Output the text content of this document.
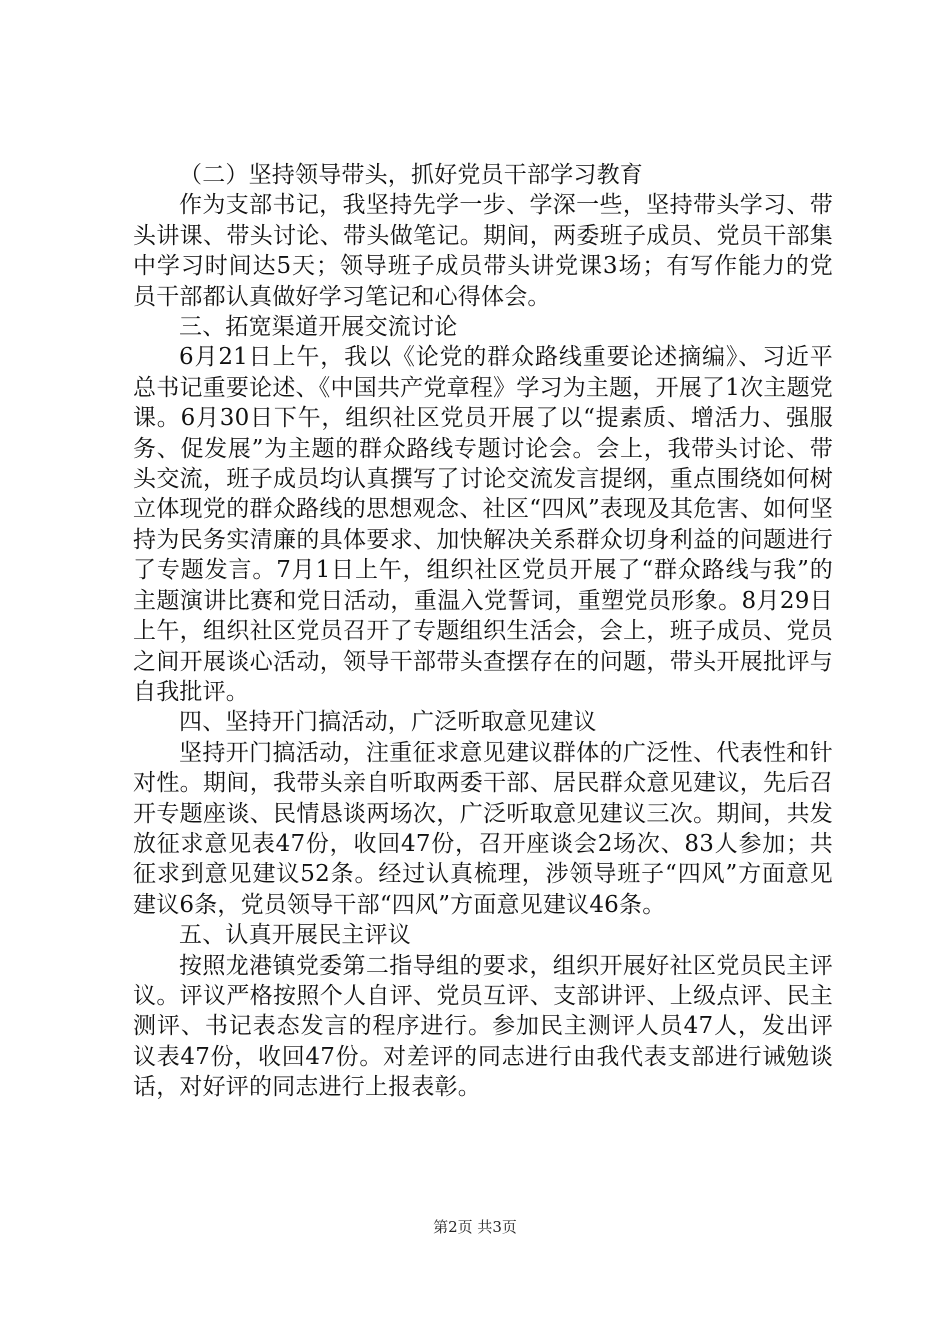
（二）坚持领导带头，抓好党员干部学习教育

作为支部书记，我坚持先学一步、学深一些，坚持带头学习、带头讲课、带头讨论、带头做笔记。期间，两委班子成员、党员干部集中学习时间达5天；领导班子成员带头讲党课3场；有写作能力的党员干部都认真做好学习笔记和心得体会。

三、拓宽渠道开展交流讨论

6月21日上午，我以《论党的群众路线重要论述摘编》、习近平总书记重要论述、《中国共产党章程》学习为主题，开展了1次主题党课。6月30日下午，组织社区党员开展了以“提素质、增活力、强服务、促发展”为主题的群众路线专题讨论会。会上，我带头讨论、带头交流，班子成员均认真撰写了讨论交流发言提纲，重点围绕如何树立体现党的群众路线的思想观念、社区“四风”表现及其危害、如何坚持为民务实清廉的具体要求、加快解决关系群众切身利益的问题进行了专题发言。7月1日上午，组织社区党员开展了“群众路线与我”的主题演讲比赛和党日活动，重温入党誓词，重塑党员形象。8月29日上午，组织社区党员召开了专题组织生活会，会上，班子成员、党员之间开展谈心活动，领导干部带头查摆存在的问题，带头开展批评与自我批评。

四、坚持开门搞活动，广泛听取意见建议

坚持开门搞活动，注重征求意见建议群体的广泛性、代表性和针对性。期间，我带头亲自听取两委干部、居民群众意见建议，先后召开专题座谈、民情恳谈两场次，广泛听取意见建议三次。期间，共发放征求意见表47份，收回47份，召开座谈会2场次、83人参加；共征求到意见建议52条。经过认真梳理，涉领导班子“四风”方面意见建议6条，党员领导干部“四风”方面意见建议46条。

五、认真开展民主评议

按照龙港镇党委第二指导组的要求，组织开展好社区党员民主评议。评议严格按照个人自评、党员互评、支部讲评、上级点评、民主测评、书记表态发言的程序进行。参加民主测评人员47人，发出评议表47份，收回47份。对差评的同志进行由我代表支部进行诫勉谈话，对好评的同志进行上报表彰。

第2页 共3页
